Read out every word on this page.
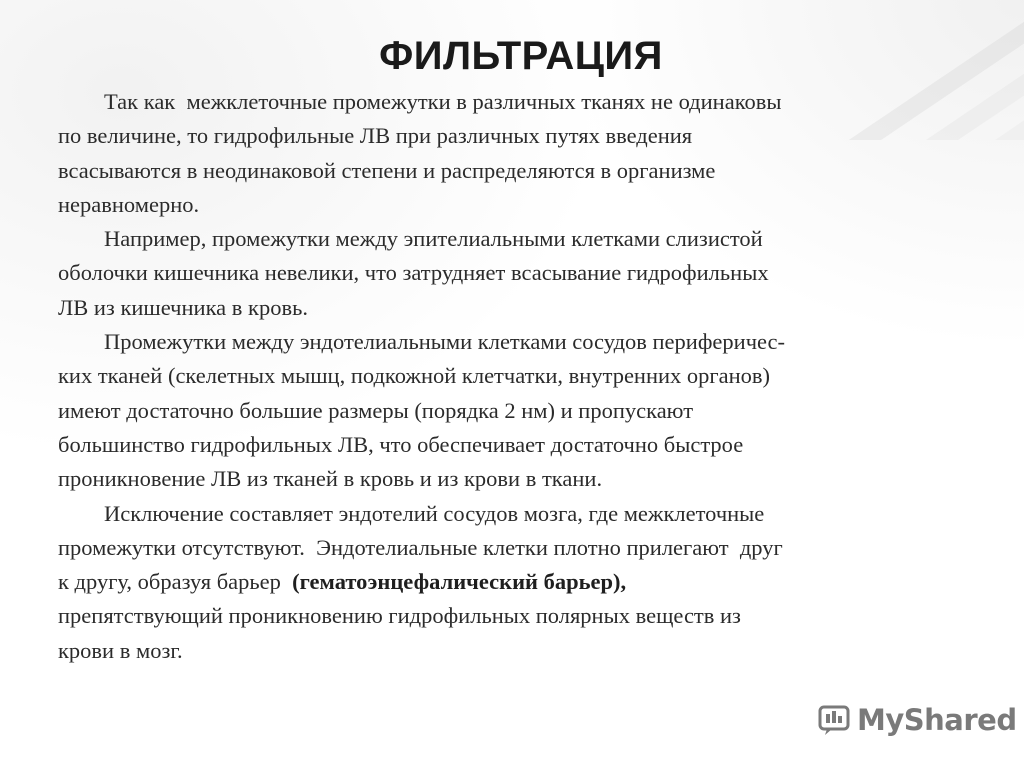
ФИЛЬТРАЦИЯ
Так как  межклеточные промежутки в различных тканях не одинаковы
по величине, то гидрофильные ЛВ при различных путях введения
всасываются в неодинаковой степени и распределяются в организме
неравномерно.
Например, промежутки между эпителиальными клетками слизистой
оболочки кишечника невелики, что затрудняет всасывание гидрофильных
ЛВ из кишечника в кровь.
Промежутки между эндотелиальными клетками сосудов периферичес-
ких тканей (скелетных мышц, подкожной клетчатки, внутренних органов)
имеют достаточно большие размеры (порядка 2 нм) и пропускают
большинство гидрофильных ЛВ, что обеспечивает достаточно быстрое
проникновение ЛВ из тканей в кровь и из крови в ткани.
Исключение составляет эндотелий сосудов мозга, где межклеточные
промежутки отсутствуют.  Эндотелиальные клетки плотно прилегают  друг
к другу, образуя барьер  (гематоэнцефалический барьер),
препятствующий проникновению гидрофильных полярных веществ из
крови в мозг.
MyShared
